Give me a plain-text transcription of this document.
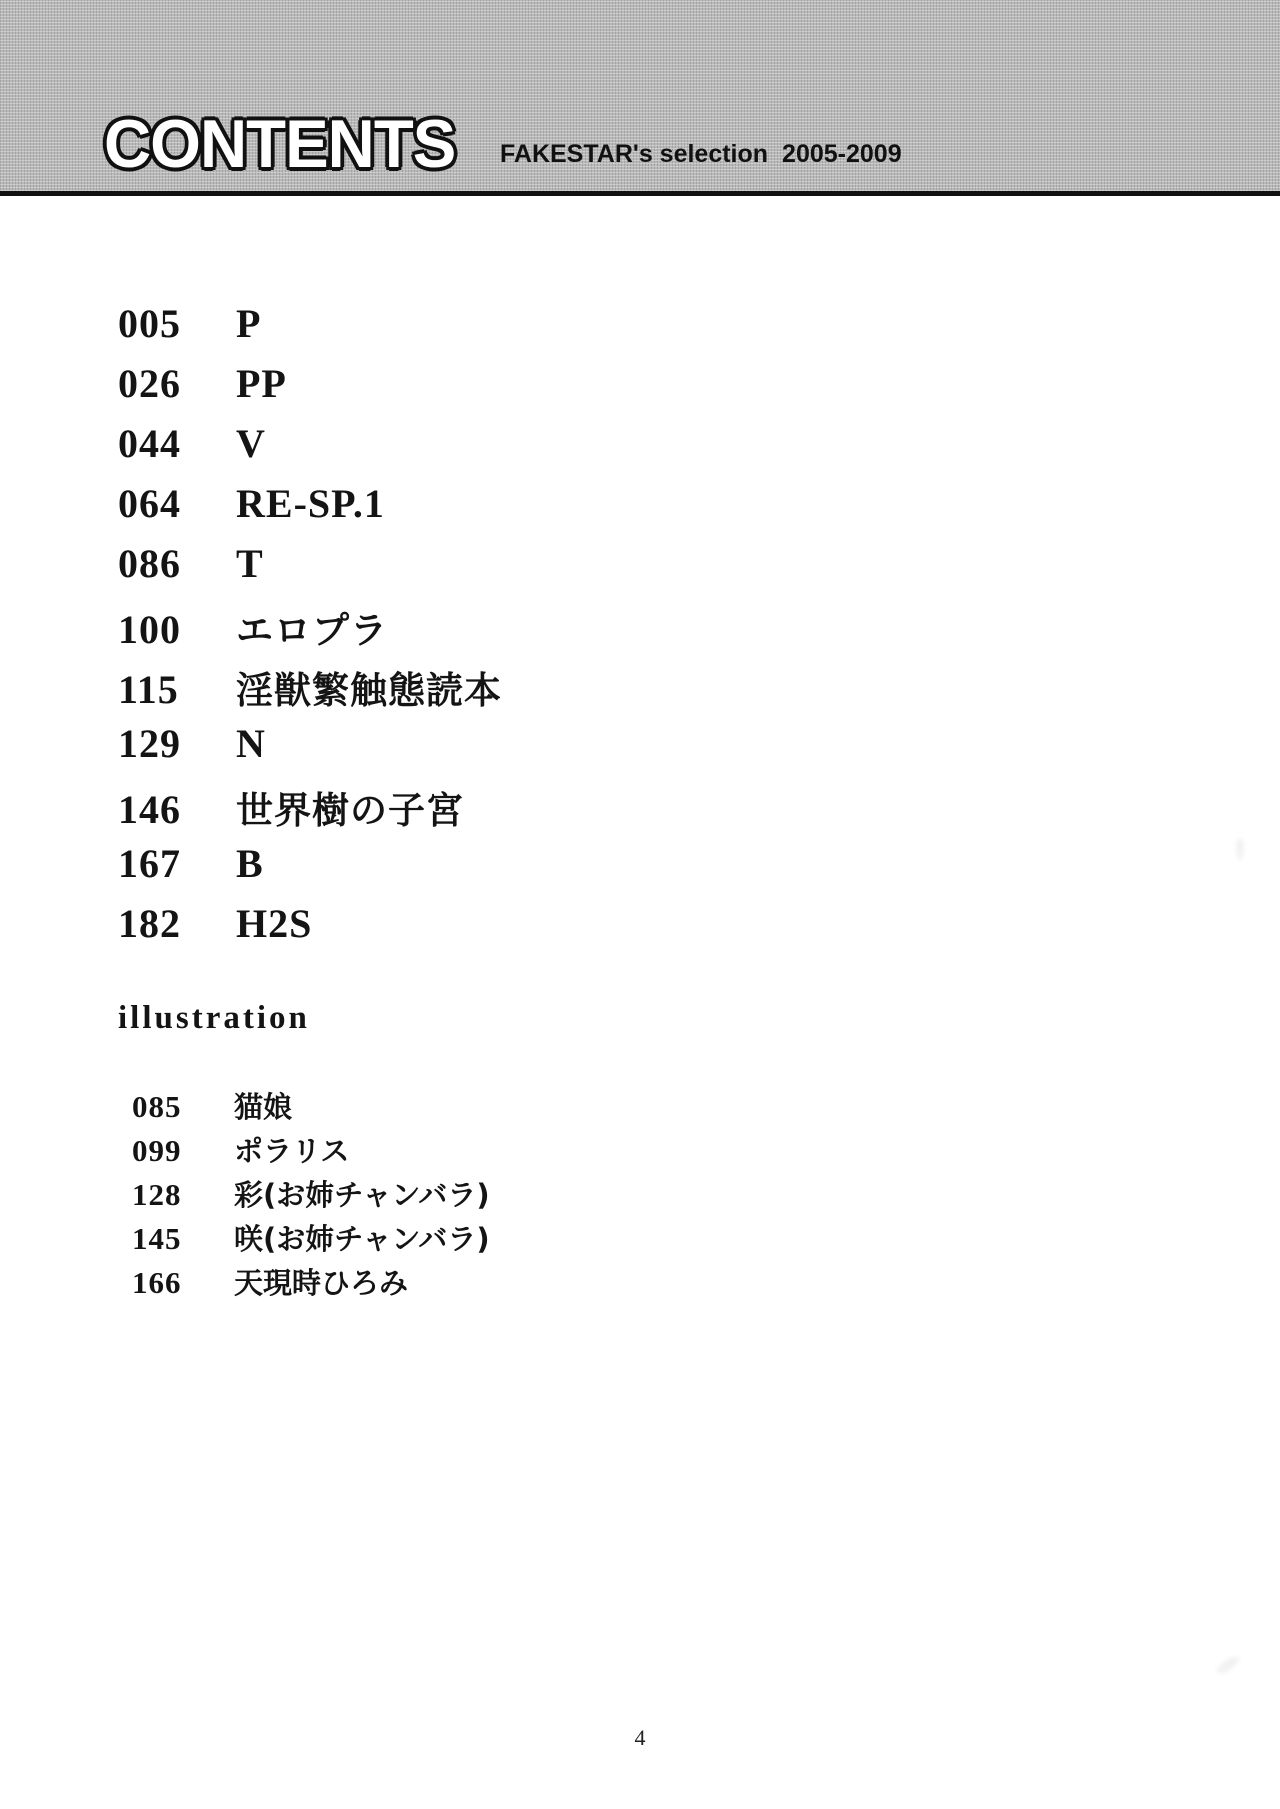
CONTENTS FAKESTAR's selection 2005-2009
005	P
026	PP
044	V
064	RE-SP.1
086	T
100	エロプラ
115	淫獣繁触態読本
129	N
146	世界樹の子宮
167	B
182	H2S
illustration
085	猫娘
099	ポラリス
128	彩(お姉チャンバラ)
145	咲(お姉チャンバラ)
166	天現時ひろみ
4
